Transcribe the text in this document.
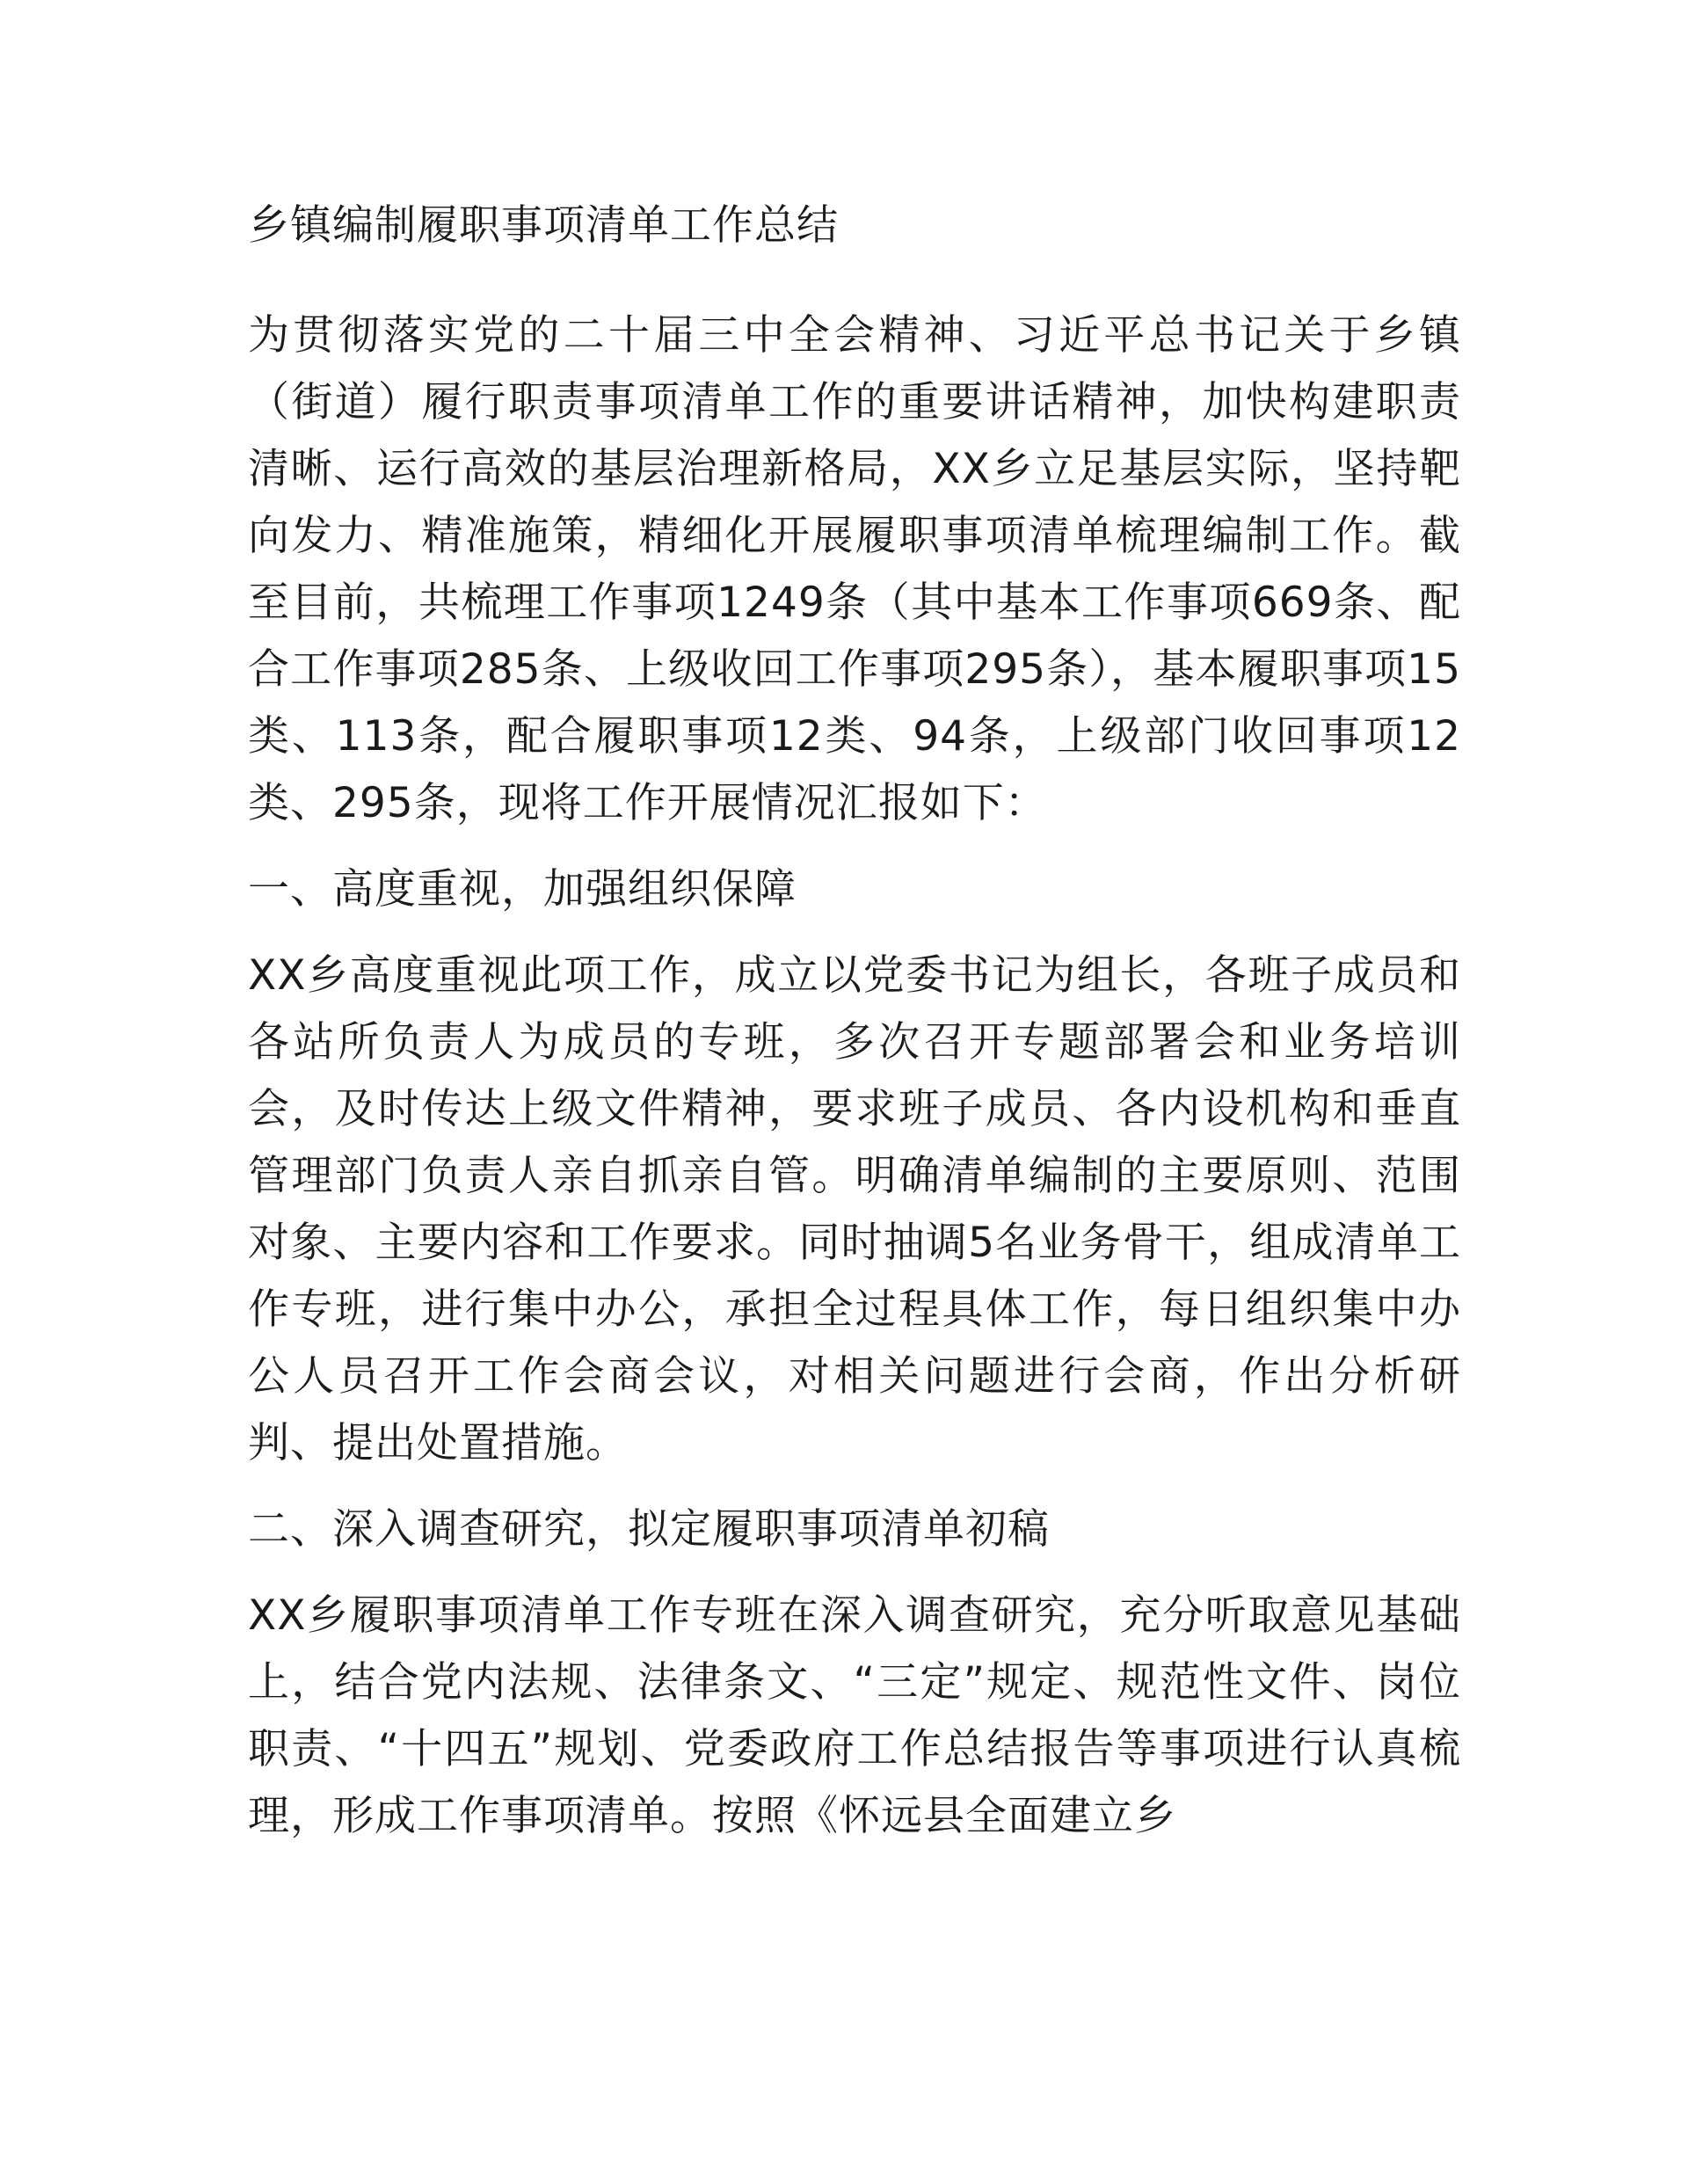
乡镇编制履职事项清单工作总结

为贯彻落实党的二十届三中全会精神、习近平总书记关于乡镇（街道）履行职责事项清单工作的重要讲话精神，加快构建职责清晰、运行高效的基层治理新格局，XX乡立足基层实际，坚持靶向发力、精准施策，精细化开展履职事项清单梳理编制工作。截至目前，共梳理工作事项1249条（其中基本工作事项669条、配合工作事项285条、上级收回工作事项295条），基本履职事项15类、113条，配合履职事项12类、94条，上级部门收回事项12类、295条，现将工作开展情况汇报如下：

一、高度重视，加强组织保障

XX乡高度重视此项工作，成立以党委书记为组长，各班子成员和各站所负责人为成员的专班，多次召开专题部署会和业务培训会，及时传达上级文件精神，要求班子成员、各内设机构和垂直管理部门负责人亲自抓亲自管。明确清单编制的主要原则、范围对象、主要内容和工作要求。同时抽调5名业务骨干，组成清单工作专班，进行集中办公，承担全过程具体工作，每日组织集中办公人员召开工作会商会议，对相关问题进行会商，作出分析研判、提出处置措施。

二、深入调查研究，拟定履职事项清单初稿

XX乡履职事项清单工作专班在深入调查研究，充分听取意见基础上，结合党内法规、法律条文、“三定”规定、规范性文件、岗位职责、“十四五”规划、党委政府工作总结报告等事项进行认真梳理，形成工作事项清单。按照《怀远县全面建立乡
